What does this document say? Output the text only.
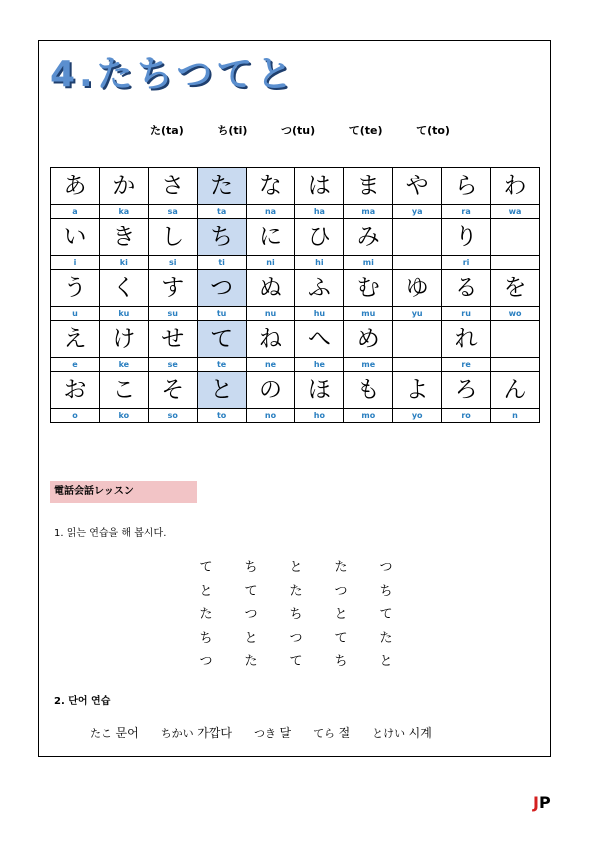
4.たちつてと
た(ta)	ち(ti)	つ(tu)	て(te)	て(to)
あ	か	さ	た	な	は	ま	や	ら	わ
a	ka	sa	ta	na	ha	ma	ya	ra	wa
い	き	し	ち	に	ひ	み		り	
i	ki	si	ti	ni	hi	mi		ri	
う	く	す	つ	ぬ	ふ	む	ゆ	る	を
u	ku	su	tu	nu	hu	mu	yu	ru	wo
え	け	せ	て	ね	へ	め		れ	
e	ke	se	te	ne	he	me		re	
お	こ	そ	と	の	ほ	も	よ	ろ	ん
o	ko	so	to	no	ho	mo	yo	ro	n
電話会話レッスン
1. 읽는 연습을 해 봅시다.
て ち と た つ
と て た つ ち
た つ ち と て
ち と つ て た
つ た て ち と
2. 단어 연습
たこ 문어 ちかい 가깝다 つき 달 てら 절 とけい 시계
JP
